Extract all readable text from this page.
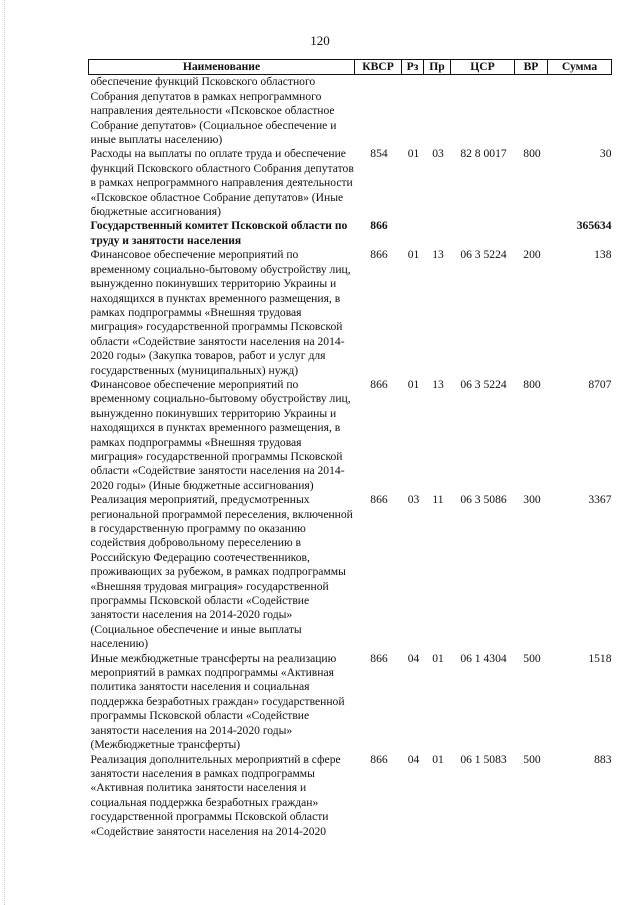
120
Наименование	КВСР	Рз	Пр	ЦСР	ВР	Сумма
обеспечение функций Псковского областного Собрания депутатов в рамках непрограммного направления деятельности «Псковское областное Собрание депутатов» (Социальное обеспечение и иные выплаты населению)						
Расходы на выплаты по оплате труда и обеспечение функций Псковского областного Собрания депутатов в рамках непрограммного направления деятельности «Псковское областное Собрание депутатов» (Иные бюджетные ассигнования)	854	01	03	82 8 0017	800	30
Государственный комитет Псковской области по труду и занятости населения	866					365634
Финансовое обеспечение мероприятий по временному социально-бытовому обустройству лиц, вынужденно покинувших территорию Украины и находящихся в пунктах временного размещения, в рамках подпрограммы «Внешняя трудовая миграция» государственной программы Псковской области «Содействие занятости населения на 2014-2020 годы» (Закупка товаров, работ и услуг для государственных (муниципальных) нужд)	866	01	13	06 3 5224	200	138
Финансовое обеспечение мероприятий по временному социально-бытовому обустройству лиц, вынужденно покинувших территорию Украины и находящихся в пунктах временного размещения, в рамках подпрограммы «Внешняя трудовая миграция» государственной программы Псковской области «Содействие занятости населения на 2014-2020 годы» (Иные бюджетные ассигнования)	866	01	13	06 3 5224	800	8707
Реализация мероприятий, предусмотренных региональной программой переселения, включенной в государственную программу по оказанию содействия добровольному переселению в Российскую Федерацию соотечественников, проживающих за рубежом, в рамках подпрограммы «Внешняя трудовая миграция» государственной программы Псковской области «Содействие занятости населения на 2014-2020 годы» (Социальное обеспечение и иные выплаты населению)	866	03	11	06 3 5086	300	3367
Иные межбюджетные трансферты на реализацию мероприятий в рамках подпрограммы «Активная политика занятости населения и социальная поддержка безработных граждан» государственной программы Псковской области «Содействие занятости населения на 2014-2020 годы» (Межбюджетные трансферты)	866	04	01	06 1 4304	500	1518
Реализация дополнительных мероприятий в сфере занятости населения в рамках подпрограммы «Активная политика занятости населения и социальная поддержка безработных граждан» государственной программы Псковской области «Содействие занятости населения на 2014-2020	866	04	01	06 1 5083	500	883
